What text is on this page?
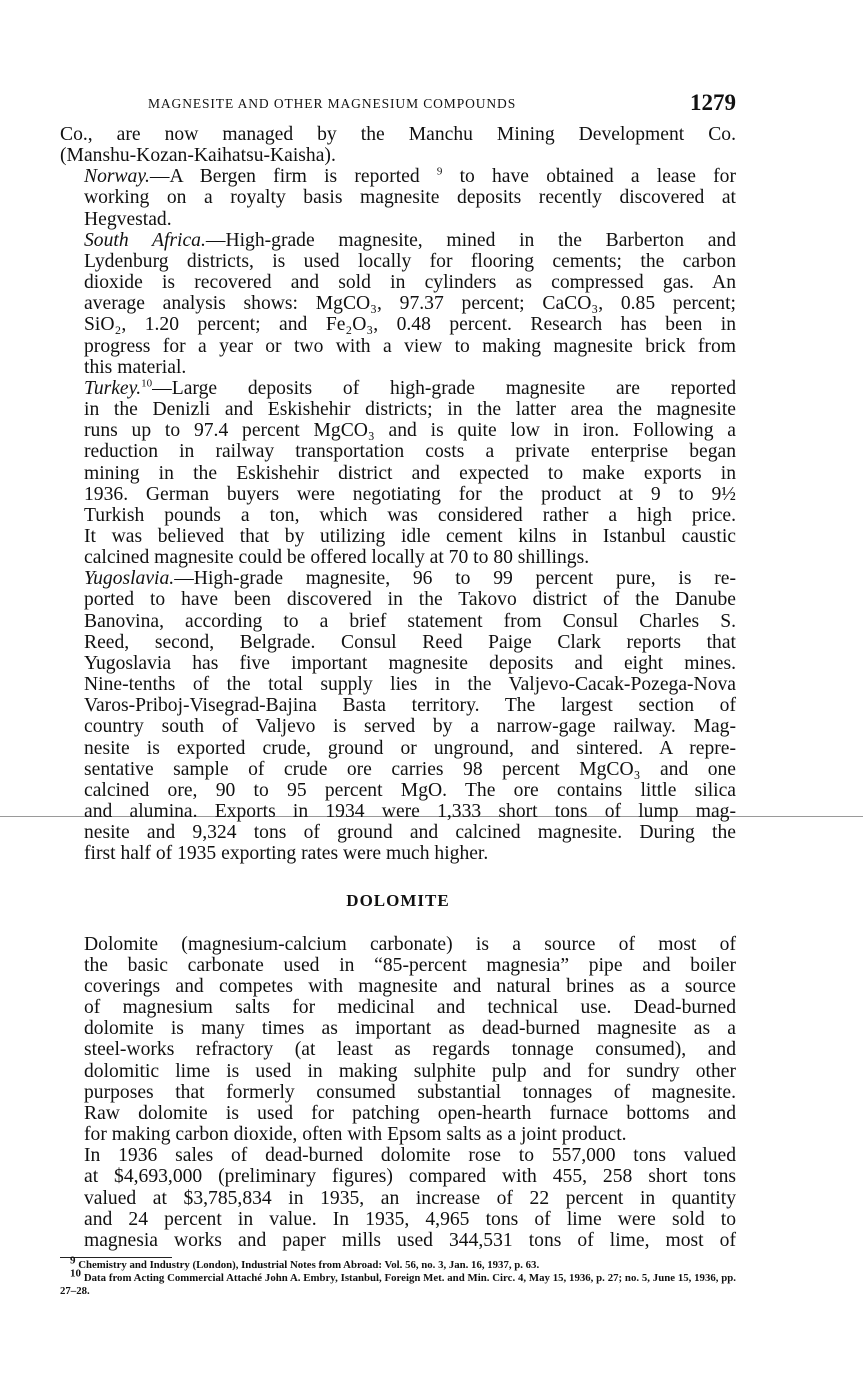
MAGNESITE AND OTHER MAGNESIUM COMPOUNDS	1279

Co., are now managed by the Manchu Mining Development Co.
(Manshu-Kozan-Kaihatsu-Kaisha).

Norway.—A Bergen firm is reported $^9$ to have obtained a lease for
working on a royalty basis magnesite deposits recently discovered at
Hegvestad.

South Africa.—High-grade magnesite, mined in the Barberton and
Lydenburg districts, is used locally for flooring cements; the carbon
dioxide is recovered and sold in cylinders as compressed gas. An
average analysis shows: MgCO₃, 97.37 percent; CaCO₃, 0.85 percent;
SiO₂, 1.20 percent; and Fe₂O₃, 0.48 percent. Research has been in
progress for a year or two with a view to making magnesite brick from
this material.

Turkey.$^{10}$—Large deposits of high-grade magnesite are reported
in the Denizli and Eskishehir districts; in the latter area the magnesite
runs up to 97.4 percent MgCO₃ and is quite low in iron. Following a
reduction in railway transportation costs a private enterprise began
mining in the Eskishehir district and expected to make exports in
1936. German buyers were negotiating for the product at 9 to 9½
Turkish pounds a ton, which was considered rather a high price.
It was believed that by utilizing idle cement kilns in Istanbul caustic
calcined magnesite could be offered locally at 70 to 80 shillings.

Yugoslavia.—High-grade magnesite, 96 to 99 percent pure, is re-
ported to have been discovered in the Takovo district of the Danube
Banovina, according to a brief statement from Consul Charles S.
Reed, second, Belgrade. Consul Reed Paige Clark reports that
Yugoslavia has five important magnesite deposits and eight mines.
Nine-tenths of the total supply lies in the Valjevo-Cacak-Pozega-Nova
Varos-Priboj-Visegrad-Bajina Basta territory. The largest section of
country south of Valjevo is served by a narrow-gage railway. Mag-
nesite is exported crude, ground or unground, and sintered. A repre-
sentative sample of crude ore carries 98 percent MgCO₃ and one
calcined ore, 90 to 95 percent MgO. The ore contains little silica
and alumina. Exports in 1934 were 1,333 short tons of lump mag-
nesite and 9,324 tons of ground and calcined magnesite. During the
first half of 1935 exporting rates were much higher.

DOLOMITE

Dolomite (magnesium-calcium carbonate) is a source of most of
the basic carbonate used in “85-percent magnesia” pipe and boiler
coverings and competes with magnesite and natural brines as a source
of magnesium salts for medicinal and technical use. Dead-burned
dolomite is many times as important as dead-burned magnesite as a
steel-works refractory (at least as regards tonnage consumed), and
dolomitic lime is used in making sulphite pulp and for sundry other
purposes that formerly consumed substantial tonnages of magnesite.
Raw dolomite is used for patching open-hearth furnace bottoms and
for making carbon dioxide, often with Epsom salts as a joint product.

In 1936 sales of dead-burned dolomite rose to 557,000 tons valued
at $4,693,000 (preliminary figures) compared with 455, 258 short tons
valued at $3,785,834 in 1935, an increase of 22 percent in quantity
and 24 percent in value. In 1935, 4,965 tons of lime were sold to
magnesia works and paper mills used 344,531 tons of lime, most of

$^9$ Chemistry and Industry (London), Industrial Notes from Abroad: Vol. 56, no. 3, Jan. 16, 1937, p. 63.

$^{10}$ Data from Acting Commercial Attaché John A. Embry, Istanbul, Foreign Met. and Min. Circ. 4, May 15, 1936, p. 27; no. 5, June 15, 1936, pp. 27–28.
